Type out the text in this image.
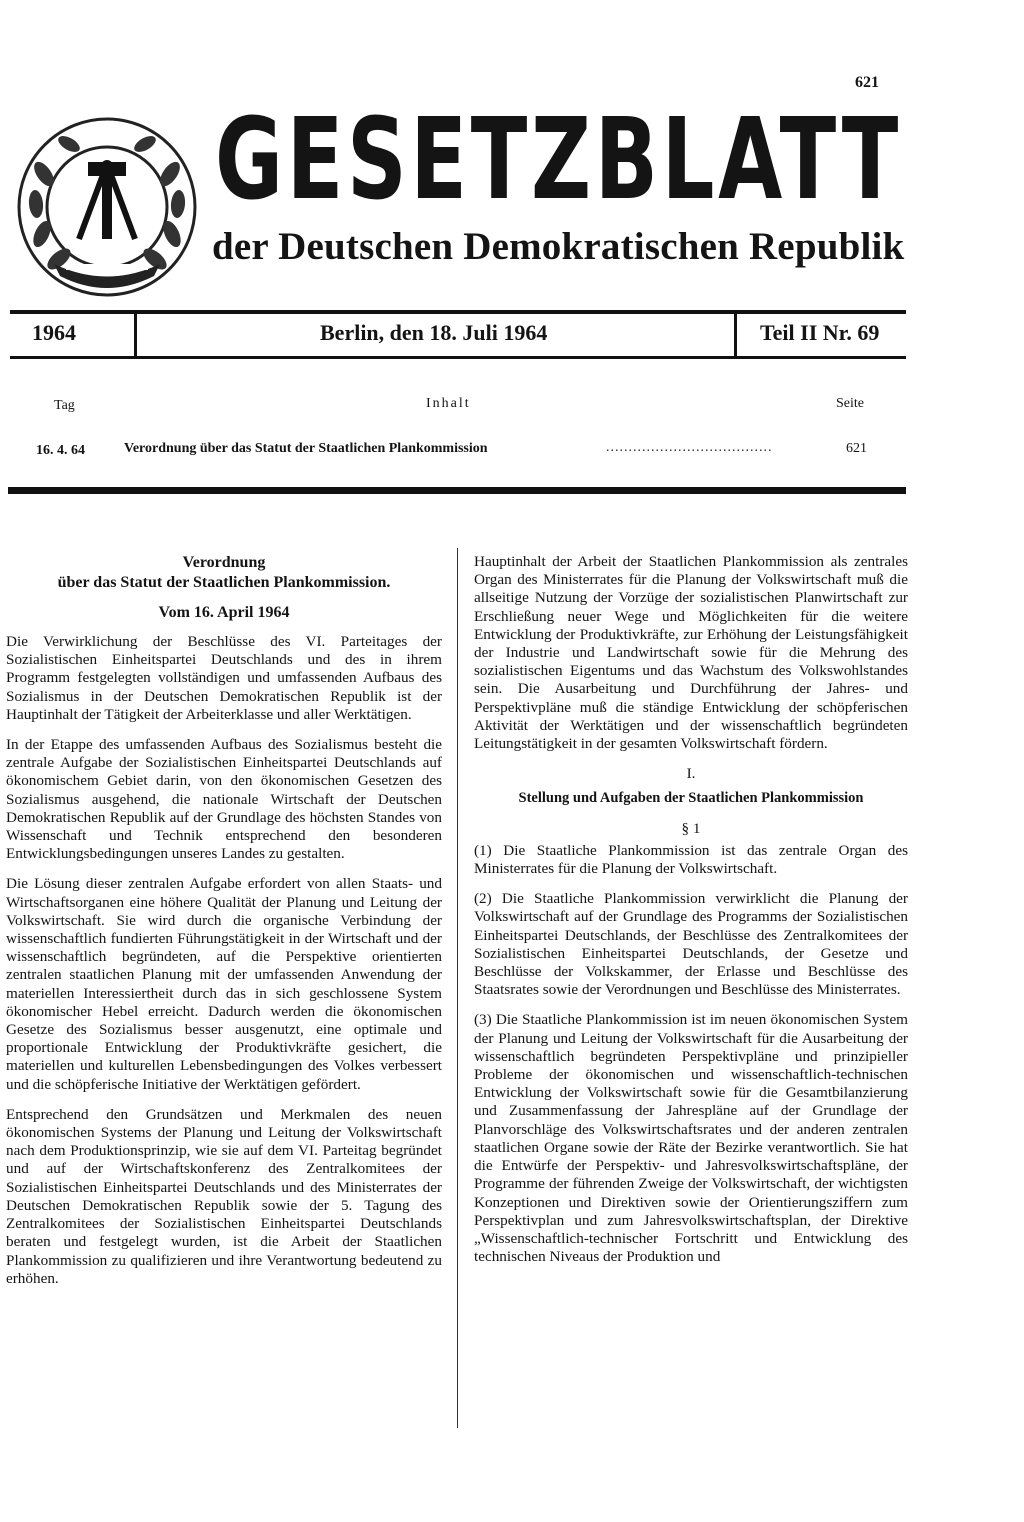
621
GESETZBLATT
der Deutschen Demokratischen Republik
1964	Berlin, den 18. Juli 1964	Teil II Nr. 69
Tag	Inhalt	Seite
16. 4. 64	Verordnung über das Statut der Staatlichen Plankommission	.....................................	621
Verordnung
über das Statut der Staatlichen Plankommission.
Vom 16. April 1964

Die Verwirklichung der Beschlüsse des VI. Parteitages der Sozialistischen Einheitspartei Deutschlands und des in ihrem Programm festgelegten vollständigen und umfassenden Aufbaus des Sozialismus in der Deutschen Demokratischen Republik ist der Hauptinhalt der Tätigkeit der Arbeiterklasse und aller Werktätigen.

In der Etappe des umfassenden Aufbaus des Sozialismus besteht die zentrale Aufgabe der Sozialistischen Einheitspartei Deutschlands auf ökonomischem Gebiet darin, von den ökonomischen Gesetzen des Sozialismus ausgehend, die nationale Wirtschaft der Deutschen Demokratischen Republik auf der Grundlage des höchsten Standes von Wissenschaft und Technik entsprechend den besonderen Entwicklungsbedingungen unseres Landes zu gestalten.

Die Lösung dieser zentralen Aufgabe erfordert von allen Staats- und Wirtschaftsorganen eine höhere Qualität der Planung und Leitung der Volkswirtschaft. Sie wird durch die organische Verbindung der wissenschaftlich fundierten Führungstätigkeit in der Wirtschaft und der wissenschaftlich begründeten, auf die Perspektive orientierten zentralen staatlichen Planung mit der umfassenden Anwendung der materiellen Interessiertheit durch das in sich geschlossene System ökonomischer Hebel erreicht. Dadurch werden die ökonomischen Gesetze des Sozialismus besser ausgenutzt, eine optimale und proportionale Entwicklung der Produktivkräfte gesichert, die materiellen und kulturellen Lebensbedingungen des Volkes verbessert und die schöpferische Initiative der Werktätigen gefördert.

Entsprechend den Grundsätzen und Merkmalen des neuen ökonomischen Systems der Planung und Leitung der Volkswirtschaft nach dem Produktionsprinzip, wie sie auf dem VI. Parteitag begründet und auf der Wirtschaftskonferenz des Zentralkomitees der Sozialistischen Einheitspartei Deutschlands und des Ministerrates der Deutschen Demokratischen Republik sowie der 5. Tagung des Zentralkomitees der Sozialistischen Einheitspartei Deutschlands beraten und festgelegt wurden, ist die Arbeit der Staatlichen Plankommission zu qualifizieren und ihre Verantwortung bedeutend zu erhöhen.

Hauptinhalt der Arbeit der Staatlichen Plankommission als zentrales Organ des Ministerrates für die Planung der Volkswirtschaft muß die allseitige Nutzung der Vorzüge der sozialistischen Planwirtschaft zur Erschließung neuer Wege und Möglichkeiten für die weitere Entwicklung der Produktivkräfte, zur Erhöhung der Leistungsfähigkeit der Industrie und Landwirtschaft sowie für die Mehrung des sozialistischen Eigentums und das Wachstum des Volkswohlstandes sein. Die Ausarbeitung und Durchführung der Jahres- und Perspektivpläne muß die ständige Entwicklung der schöpferischen Aktivität der Werktätigen und der wissenschaftlich begründeten Leitungstätigkeit in der gesamten Volkswirtschaft fördern.

I.
Stellung und Aufgaben der Staatlichen Plankommission
§ 1

(1) Die Staatliche Plankommission ist das zentrale Organ des Ministerrates für die Planung der Volkswirtschaft.

(2) Die Staatliche Plankommission verwirklicht die Planung der Volkswirtschaft auf der Grundlage des Programms der Sozialistischen Einheitspartei Deutschlands, der Beschlüsse des Zentralkomitees der Sozialistischen Einheitspartei Deutschlands, der Gesetze und Beschlüsse der Volkskammer, der Erlasse und Beschlüsse des Staatsrates sowie der Verordnungen und Beschlüsse des Ministerrates.

(3) Die Staatliche Plankommission ist im neuen ökonomischen System der Planung und Leitung der Volkswirtschaft für die Ausarbeitung der wissenschaftlich begründeten Perspektivpläne und prinzipieller Probleme der ökonomischen und wissenschaftlich-technischen Entwicklung der Volkswirtschaft sowie für die Gesamtbilanzierung und Zusammenfassung der Jahrespläne auf der Grundlage der Planvorschläge des Volkswirtschaftsrates und der anderen zentralen staatlichen Organe sowie der Räte der Bezirke verantwortlich. Sie hat die Entwürfe der Perspektiv- und Jahresvolkswirtschaftspläne, der Programme der führenden Zweige der Volkswirtschaft, der wichtigsten Konzeptionen und Direktiven sowie der Orientierungsziffern zum Perspektivplan und zum Jahresvolkswirtschaftsplan, der Direktive „Wissenschaftlich-technischer Fortschritt und Entwicklung des technischen Niveaus der Produktion und
